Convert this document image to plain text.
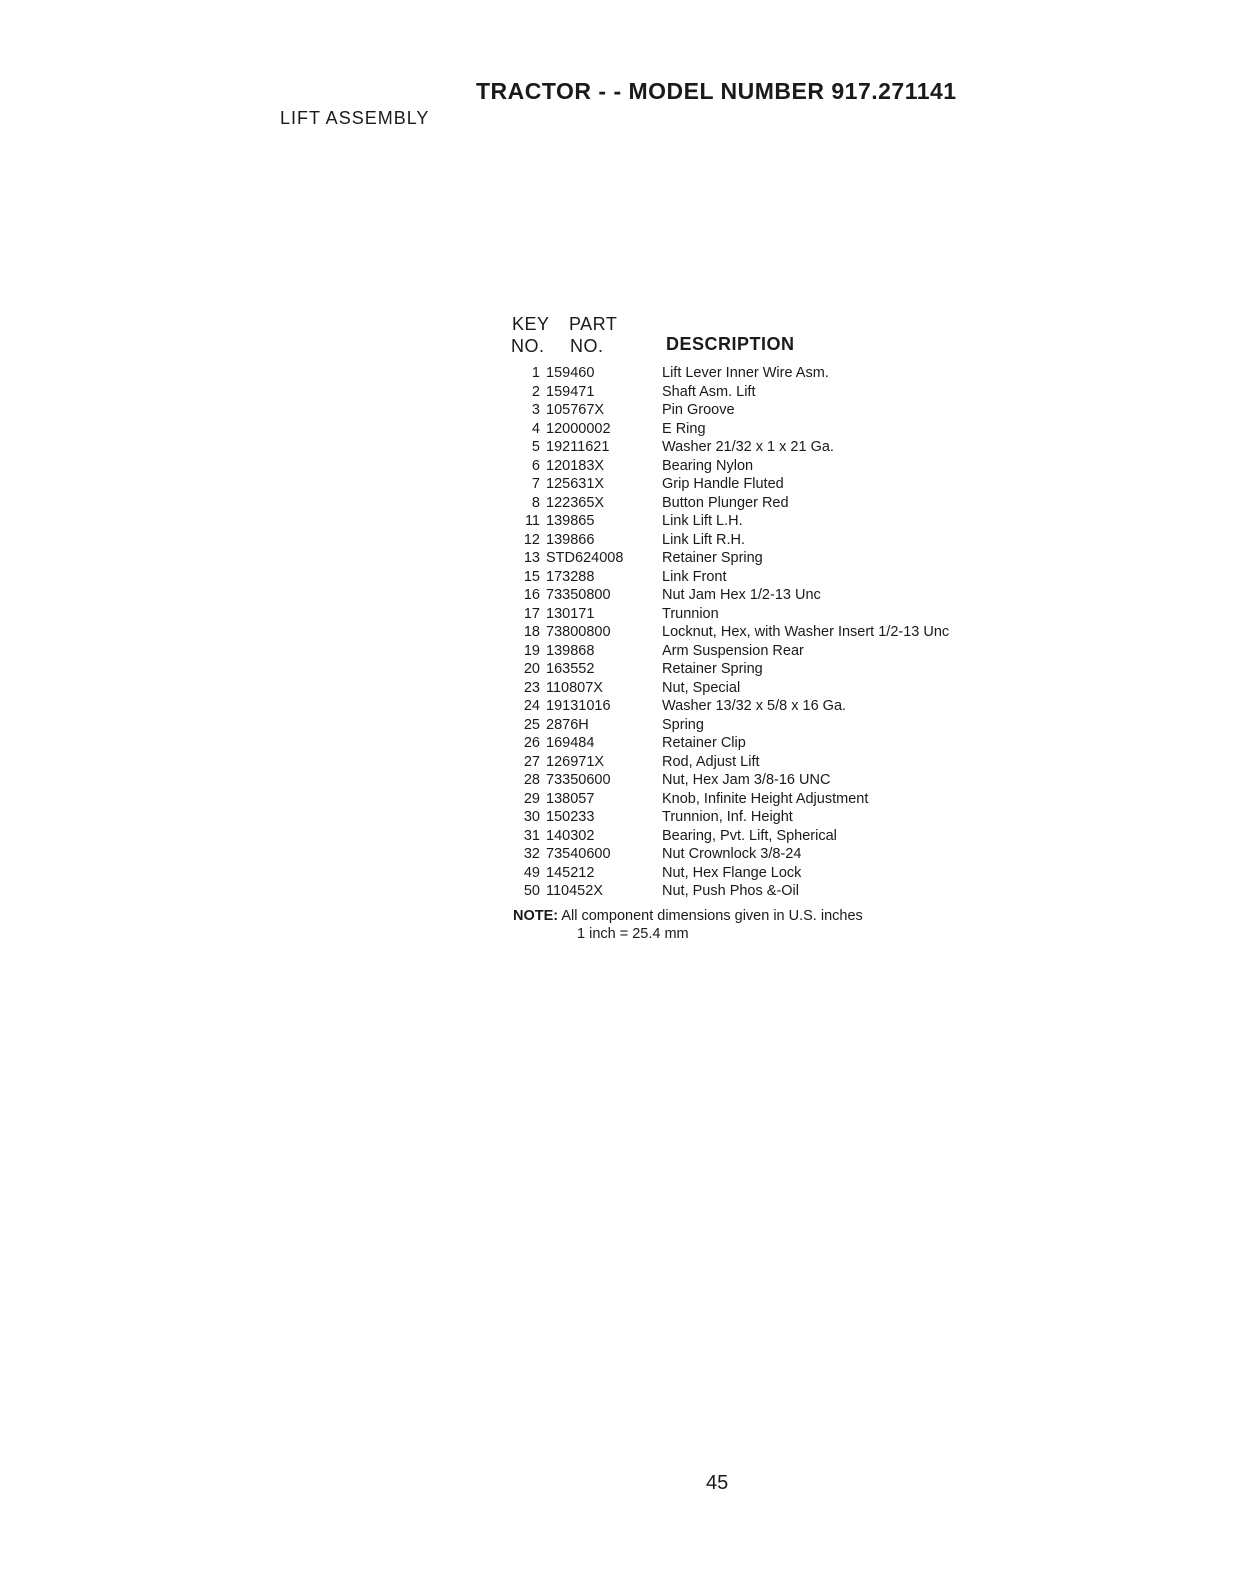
TRACTOR - - MODEL NUMBER 917.271141
LIFT ASSEMBLY
KEY PART
NO. NO.	DESCRIPTION
1 159460	Lift Lever Inner Wire Asm.
2 159471	Shaft Asm. Lift
3 105767X	Pin Groove
4 12000002	E Ring
5 19211621	Washer 21/32 x 1 x 21 Ga.
6 120183X	Bearing Nylon
7 125631X	Grip Handle Fluted
8 122365X	Button Plunger Red
11 139865	Link Lift L.H.
12 139866	Link Lift R.H.
13 STD624008	Retainer Spring
15 173288	Link Front
16 73350800	Nut Jam Hex 1/2-13 Unc
17 130171	Trunnion
18 73800800	Locknut, Hex, with Washer Insert 1/2-13 Unc
19 139868	Arm Suspension Rear
20 163552	Retainer Spring
23 110807X	Nut, Special
24 19131016	Washer 13/32 x 5/8 x 16 Ga.
25 2876H	Spring
26 169484	Retainer Clip
27 126971X	Rod, Adjust Lift
28 73350600	Nut, Hex Jam 3/8-16 UNC
29 138057	Knob, Infinite Height Adjustment
30 150233	Trunnion, Inf. Height
31 140302	Bearing, Pvt. Lift, Spherical
32 73540600	Nut Crownlock 3/8-24
49 145212	Nut, Hex Flange Lock
50 110452X	Nut, Push Phos &-Oil
NOTE: All component dimensions given in U.S. inches
1 inch = 25.4 mm
45
